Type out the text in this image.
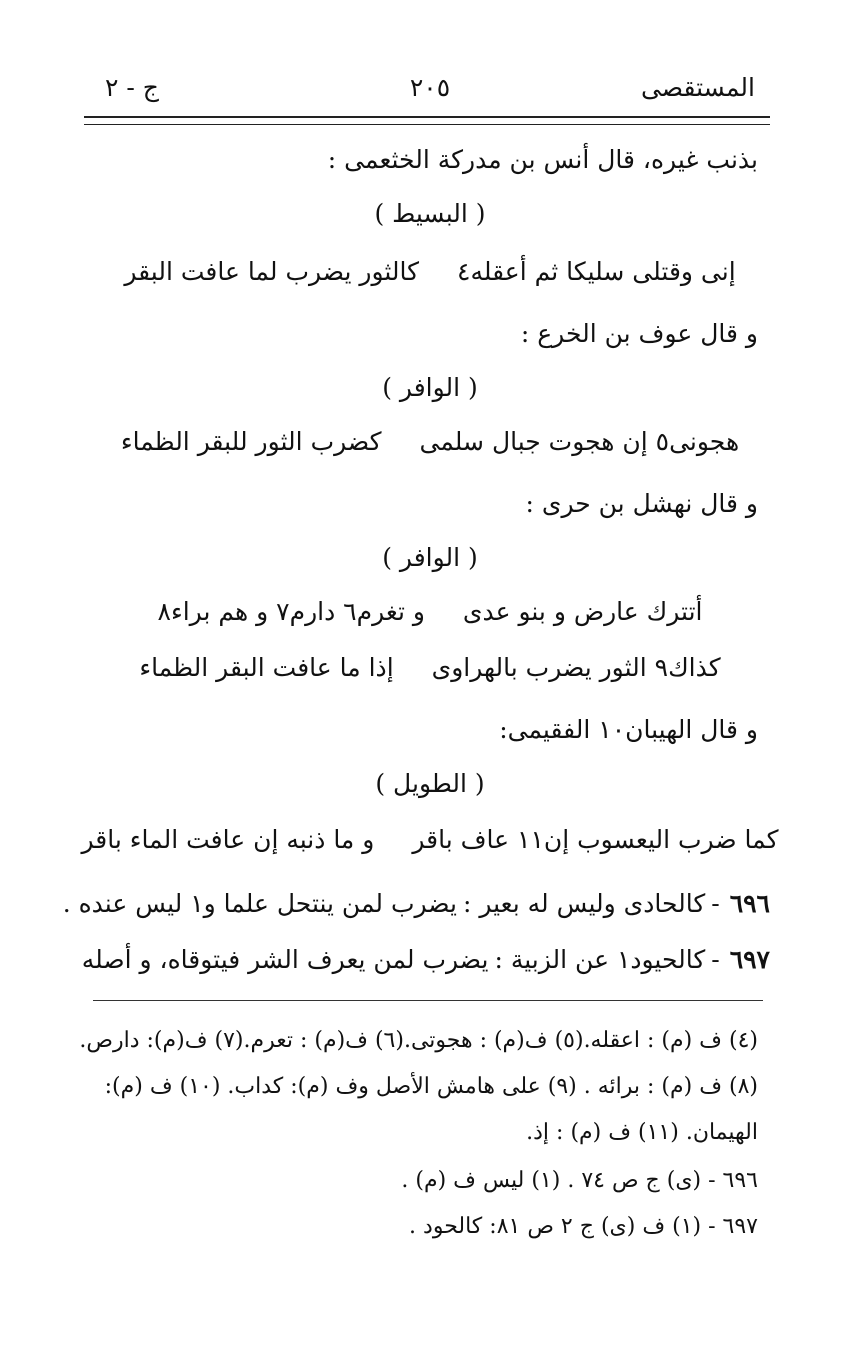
المستقصى
٢٠٥
ج - ٢
بذنب غيره، قال أنس بن مدركة الخثعمى :
( البسيط )
إنى وقتلى سليكا ثم أعقله٤
كالثور يضرب لما عافت البقر
و قال عوف بن الخرع :
( الوافر )
هجونى٥ إن هجوت جبال سلمى
كضرب الثور للبقر الظماء
و قال نهشل بن حرى :
( الوافر )
أتترك عارض و بنو عدى
و تغرم٦ دارم٧ و هم براء٨
كذاك٩ الثور يضرب بالهراوى
إذا ما عافت البقر الظماء
و قال الهيبان١٠ الفقيمى:
( الطويل )
كما ضرب اليعسوب إن١١ عاف باقر
و ما ذنبه إن عافت الماء باقر
٦٩٦-كالحادى وليس له بعير :يضرب لمن ينتحل علما و١ ليس عنده .
٦٩٧-كالحيود١ عن الزبية :يضرب لمن يعرف الشر فيتوقاه، و أصله
(٤) ف (م) : اعقله.(٥) ف(م) : هجوتى.(٦) ف(م) : تعرم.(٧) ف(م): دارص.
(٨) ف (م) : برائه . (٩) على هامش الأصل وف (م): كداب. (١٠) ف (م):
الهيمان. (١١) ف (م) : إذ.
٦٩٦ - (ى) ج ص ٧٤ . (١) ليس ف (م) .
٦٩٧ - (١) ف (ى) ج ٢ ص ٨١: كالحود .
